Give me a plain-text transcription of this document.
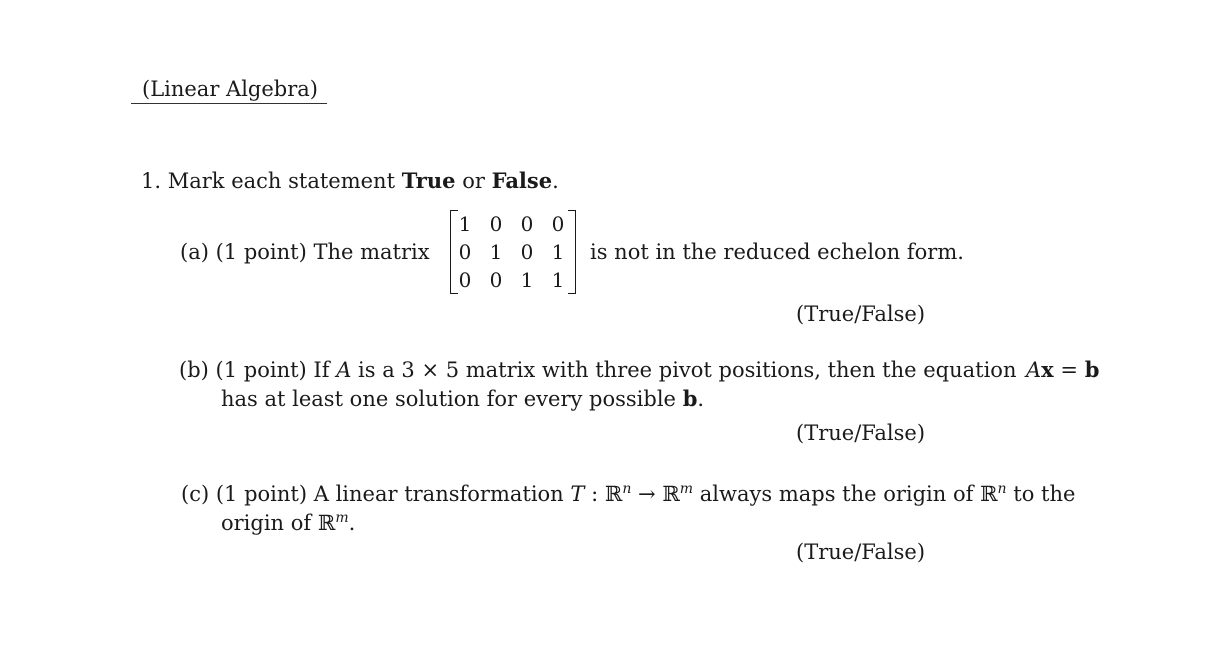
(Linear Algebra)
1. Mark each statement True or False.
(a) (1 point) The matrix
1 0 0 0
0 1 0 1
0 0 1 1
is not in the reduced echelon form.
(True/False)
(b) (1 point) If A is a 3 × 5 matrix with three pivot positions, then the equation Ax = b
has at least one solution for every possible b.
(True/False)
(c) (1 point) A linear transformation T : ℝ$^n$ → ℝ$^m$ always maps the origin of ℝ$^n$ to the
origin of ℝ$^m$.
(True/False)
